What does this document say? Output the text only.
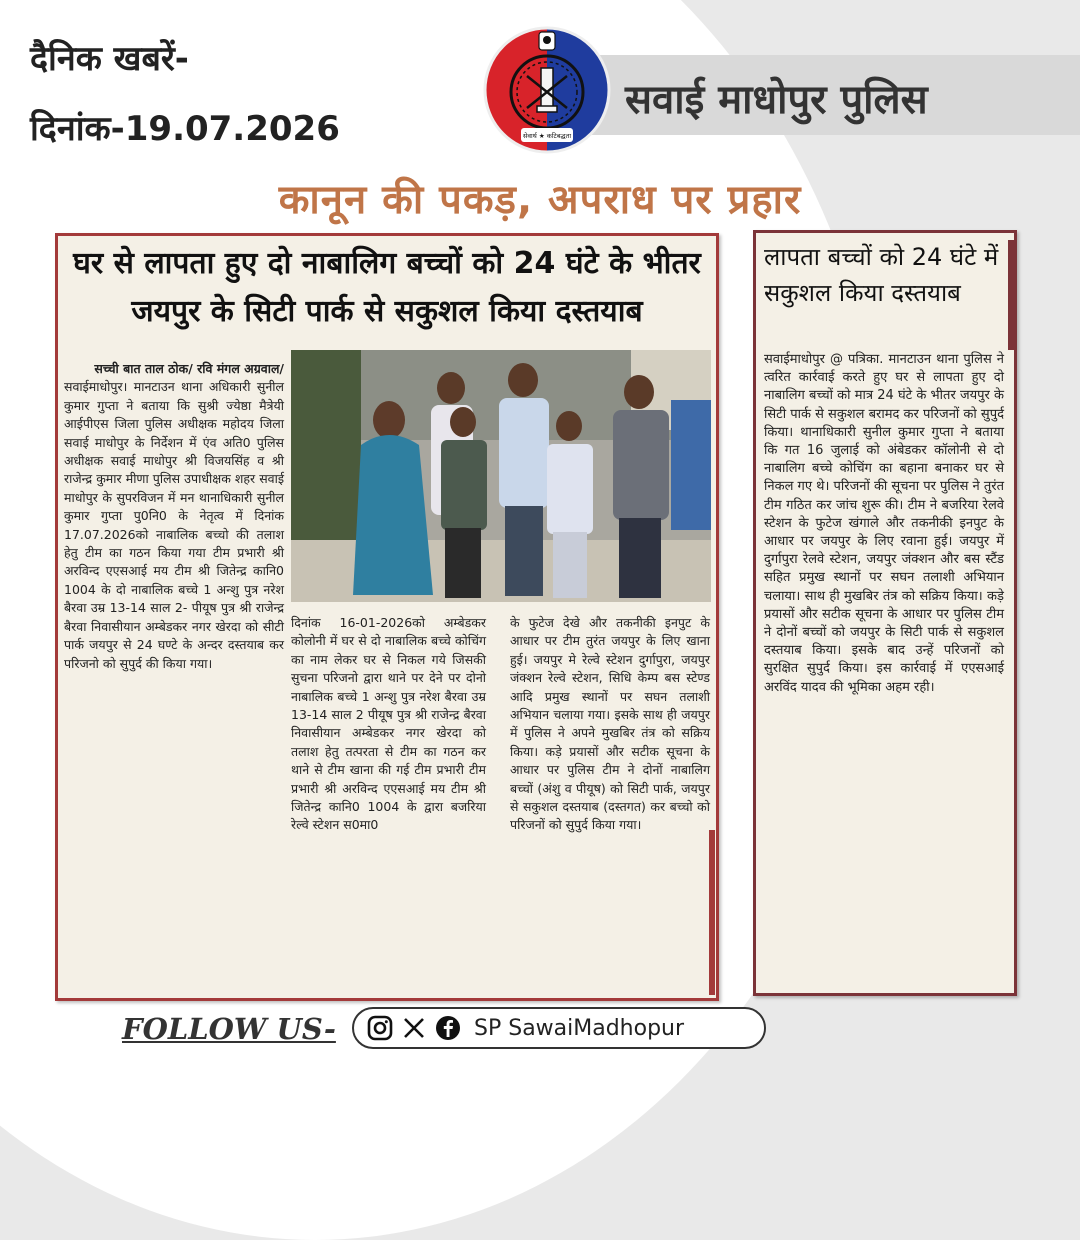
दैनिक खबरें-
दिनांक-19.07.2026
सवाई माधोपुर पुलिस
सेवार्थ ★ कटिबद्धता
कानून की पकड़, अपराध पर प्रहार
घर से लापता हुए दो नाबालिग बच्चों को 24 घंटे के भीतर
जयपुर के सिटी पार्क से सकुशल किया दस्तयाब
सच्ची बात ताल ठोक/ रवि मंगल अग्रवाल/
सवाईमाधोपुर। मानटाउन थाना अधिकारी सुनील कुमार गुप्ता ने बताया कि सुश्री ज्येष्ठा मैत्रेयी आईपीएस जिला पुलिस अधीक्षक महोदय जिला सवाई माधोपुर के निर्देशन में एंव अति0 पुलिस अधीक्षक सवाई माधोपुर श्री विजयसिंह व श्री राजेन्द्र कुमार मीणा पुलिस उपाधीक्षक शहर सवाई माधोपुर के सुपरविजन में मन थानाधिकारी सुनील कुमार गुप्ता पु0नि0 के नेतृत्व में दिनांक 17.07.2026को नाबालिक बच्चो की तलाश हेतु टीम का गठन किया गया टीम प्रभारी श्री अरविन्द एएसआई मय टीम श्री जितेन्द्र कानि0 1004 के दो नाबालिक बच्चे 1 अन्शु पुत्र नरेश बैरवा उम्र 13-14 साल 2- पीयूष पुत्र श्री राजेन्द्र बैरवा निवासीयान अम्बेडकर नगर खेरदा को सीटी पार्क जयपुर से 24 घण्टे के अन्दर दस्तयाब कर परिजनो को सुपुर्द की किया गया।
दिनांक 16-01-2026को अम्बेडकर कोलोनी में घर से दो नाबालिक बच्चे कोचिंग का नाम लेकर घर से निकल गये जिसकी सुचना परिजनो द्वारा थाने पर देने पर दोनो नाबालिक बच्चे 1 अन्शु पुत्र नरेश बैरवा उम्र 13-14 साल 2 पीयूष पुत्र श्री राजेन्द्र बैरवा निवासीयान अम्बेडकर नगर खेरदा को तलाश हेतु तत्परता से टीम का गठन कर थाने से टीम खाना की गई टीम प्रभारी टीम प्रभारी श्री अरविन्द एएसआई मय टीम श्री जितेन्द्र कानि0 1004 के द्वारा बजरिया रेल्वे स्टेशन स0मा0
के फुटेज देखे और तकनीकी इनपुट के आधार पर टीम तुरंत जयपुर के लिए खाना हुई। जयपुर मे रेल्वे स्टेशन दुर्गापुरा, जयपुर जंक्शन रेल्वे स्टेशन, सिधि केम्प बस स्टेण्ड आदि प्रमुख स्थानों पर सघन तलाशी अभियान चलाया गया। इसके साथ ही जयपुर में पुलिस ने अपने मुखबिर तंत्र को सक्रिय किया। कड़े प्रयासों और सटीक सूचना के आधार पर पुलिस टीम ने दोनों नाबालिग बच्चों (अंशु व पीयूष) को सिटी पार्क, जयपुर से सकुशल दस्तयाब (दस्तगत) कर बच्चो को परिजनों को सुपुर्द किया गया।
लापता बच्चों को 24 घंटे में सकुशल किया दस्तयाब
सवाईमाधोपुर @ पत्रिका. मानटाउन थाना पुलिस ने त्वरित कार्रवाई करते हुए घर से लापता हुए दो नाबालिग बच्चों को मात्र 24 घंटे के भीतर जयपुर के सिटी पार्क से सकुशल बरामद कर परिजनों को सुपुर्द किया। थानाधिकारी सुनील कुमार गुप्ता ने बताया कि गत 16 जुलाई को अंबेडकर कॉलोनी से दो नाबालिग बच्चे कोचिंग का बहाना बनाकर घर से निकल गए थे। परिजनों की सूचना पर पुलिस ने तुरंत टीम गठित कर जांच शुरू की। टीम ने बजरिया रेलवे स्टेशन के फुटेज खंगाले और तकनीकी इनपुट के आधार पर जयपुर के लिए रवाना हुई। जयपुर में दुर्गापुरा रेलवे स्टेशन, जयपुर जंक्शन और बस स्टैंड सहित प्रमुख स्थानों पर सघन तलाशी अभियान चलाया। साथ ही मुखबिर तंत्र को सक्रिय किया। कड़े प्रयासों और सटीक सूचना के आधार पर पुलिस टीम ने दोनों बच्चों को जयपुर के सिटी पार्क से सकुशल दस्तयाब किया। इसके बाद उन्हें परिजनों को सुरक्षित सुपुर्द किया। इस कार्रवाई में एएसआई अरविंद यादव की भूमिका अहम रही।
FOLLOW US-	SP SawaiMadhopur
